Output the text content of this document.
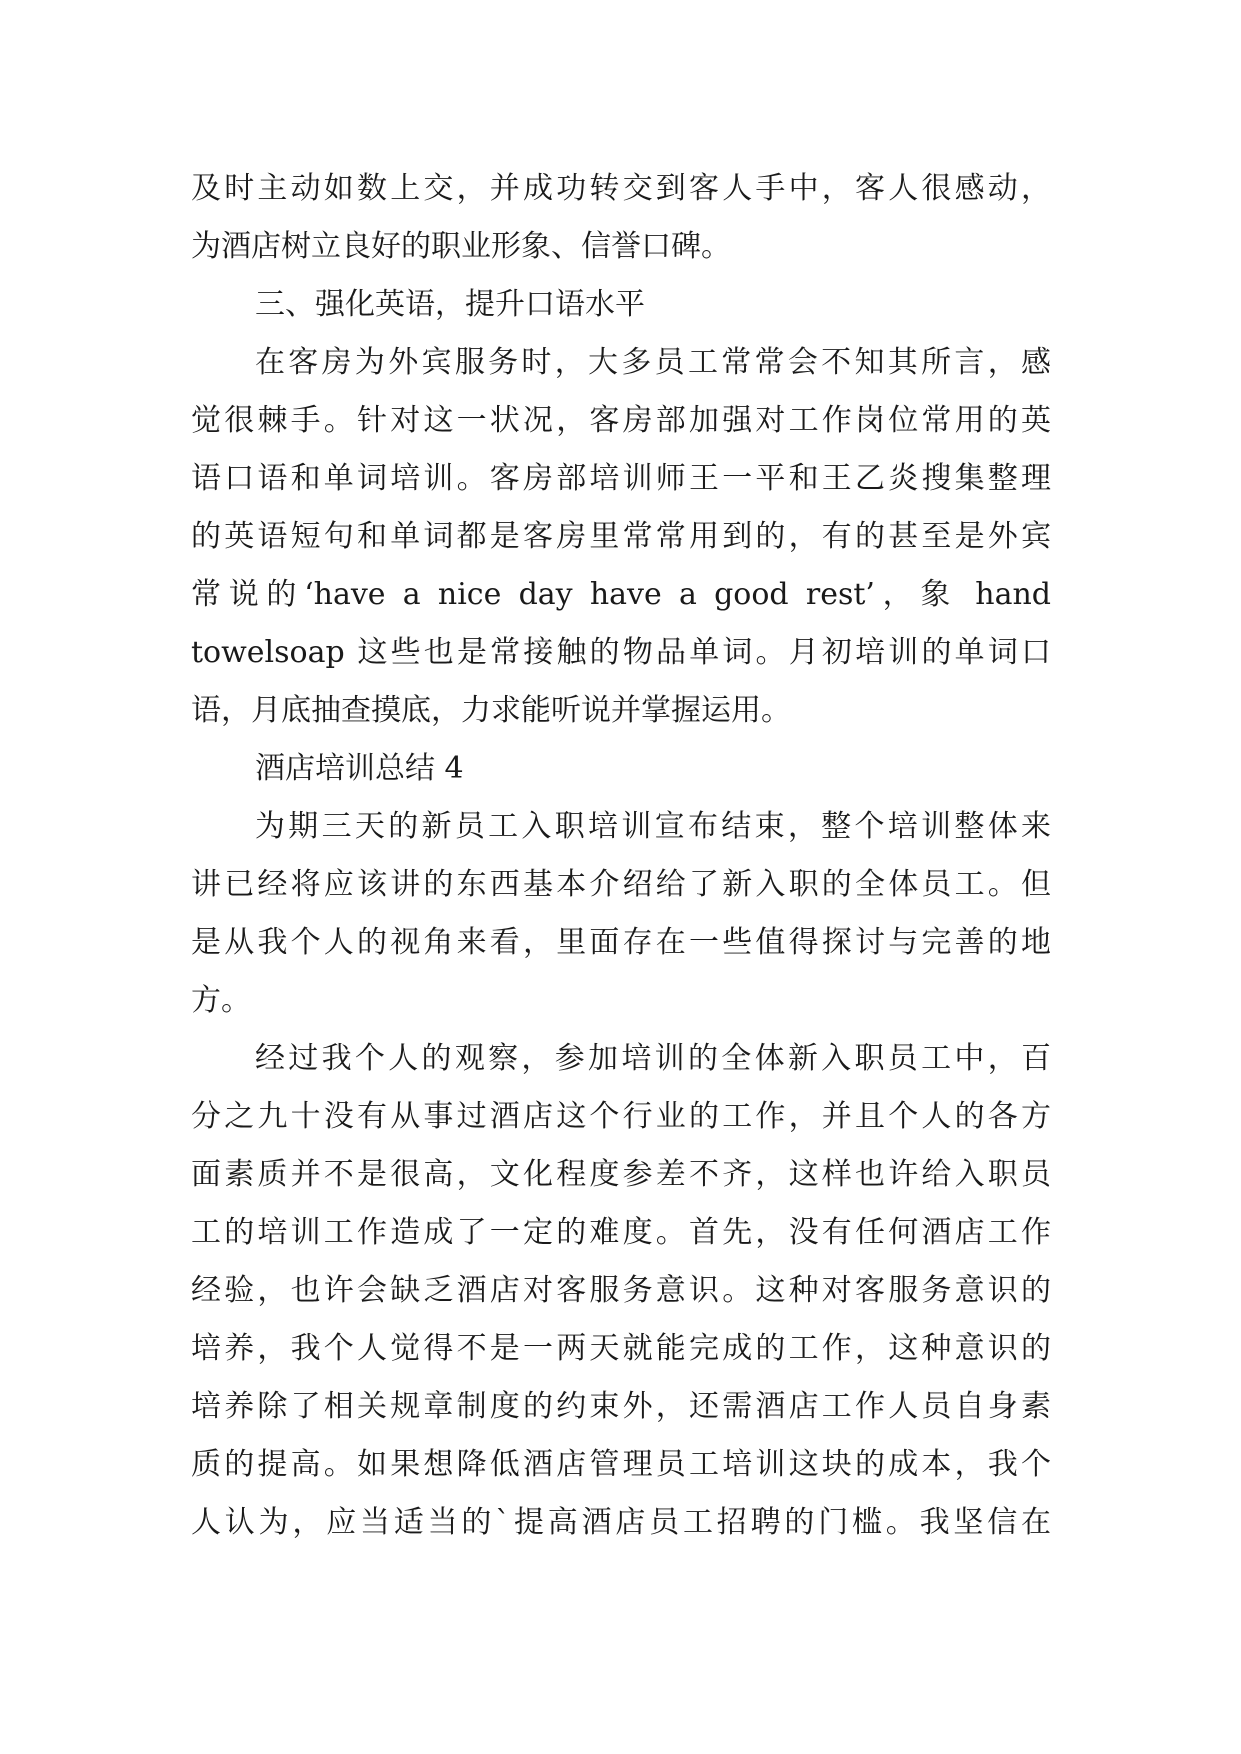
及时主动如数上交，并成功转交到客人手中，客人很感动，
为酒店树立良好的职业形象、信誉口碑。
三、强化英语，提升口语水平
在客房为外宾服务时，大多员工常常会不知其所言，感
觉很棘手。针对这一状况，客房部加强对工作岗位常用的英
语口语和单词培训。客房部培训师王一平和王乙炎搜集整理
的英语短句和单词都是客房里常常用到的，有的甚至是外宾
常说的‘have a nice day have a good rest’，象 hand
towelsoap 这些也是常接触的物品单词。月初培训的单词口
语，月底抽查摸底，力求能听说并掌握运用。
酒店培训总结 4
为期三天的新员工入职培训宣布结束，整个培训整体来
讲已经将应该讲的东西基本介绍给了新入职的全体员工。但
是从我个人的视角来看，里面存在一些值得探讨与完善的地
方。
经过我个人的观察，参加培训的全体新入职员工中，百
分之九十没有从事过酒店这个行业的工作，并且个人的各方
面素质并不是很高，文化程度参差不齐，这样也许给入职员
工的培训工作造成了一定的难度。首先，没有任何酒店工作
经验，也许会缺乏酒店对客服务意识。这种对客服务意识的
培养，我个人觉得不是一两天就能完成的工作，这种意识的
培养除了相关规章制度的约束外，还需酒店工作人员自身素
质的提高。如果想降低酒店管理员工培训这块的成本，我个
人认为，应当适当的`提高酒店员工招聘的门槛。我坚信在
